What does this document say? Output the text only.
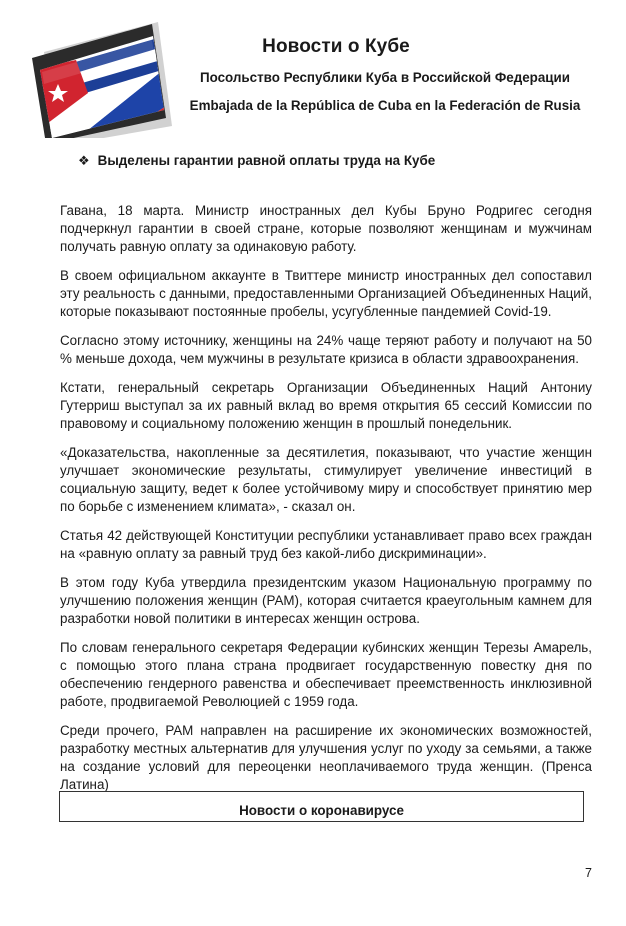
Новости о Кубе
Посольство Республики Куба в Российской Федерации
Embajada de la República de Cuba en la Federación de Rusia
❖ Выделены гарантии равной оплаты труда на Кубе

Гавана, 18 марта. Министр иностранных дел Кубы Бруно Родригес сегодня подчеркнул гарантии в своей стране, которые позволяют женщинам и мужчинам получать равную оплату за одинаковую работу.

В своем официальном аккаунте в Твиттере министр иностранных дел сопоставил эту реальность с данными, предоставленными Организацией Объединенных Наций, которые показывают постоянные пробелы, усугубленные пандемией Covid-19.

Согласно этому источнику, женщины на 24% чаще теряют работу и получают на 50 % меньше дохода, чем мужчины в результате кризиса в области здравоохранения.

Кстати, генеральный секретарь Организации Объединенных Наций Антониу Гутерриш выступал за их равный вклад во время открытия 65 сессий Комиссии по правовому и социальному положению женщин в прошлый понедельник.

«Доказательства, накопленные за десятилетия, показывают, что участие женщин улучшает экономические результаты, стимулирует увеличение инвестиций в социальную защиту, ведет к более устойчивому миру и способствует принятию мер по борьбе с изменением климата», - сказал он.

Статья 42 действующей Конституции республики устанавливает право всех граждан на «равную оплату за равный труд без какой-либо дискриминации».

В этом году Куба утвердила президентским указом Национальную программу по улучшению положения женщин (PAM), которая считается краеугольным камнем для разработки новой политики в интересах женщин острова.

По словам генерального секретаря Федерации кубинских женщин Терезы Амарель, с помощью этого плана страна продвигает государственную повестку дня по обеспечению гендерного равенства и обеспечивает преемственность инклюзивной работе, продвигаемой Революцией с 1959 года.

Среди прочего, PAM направлен на расширение их экономических возможностей, разработку местных альтернатив для улучшения услуг по уходу за семьями, а также на создание условий для переоценки неоплачиваемого труда женщин. (Пренса Латина)

Новости о коронавирусе
7
